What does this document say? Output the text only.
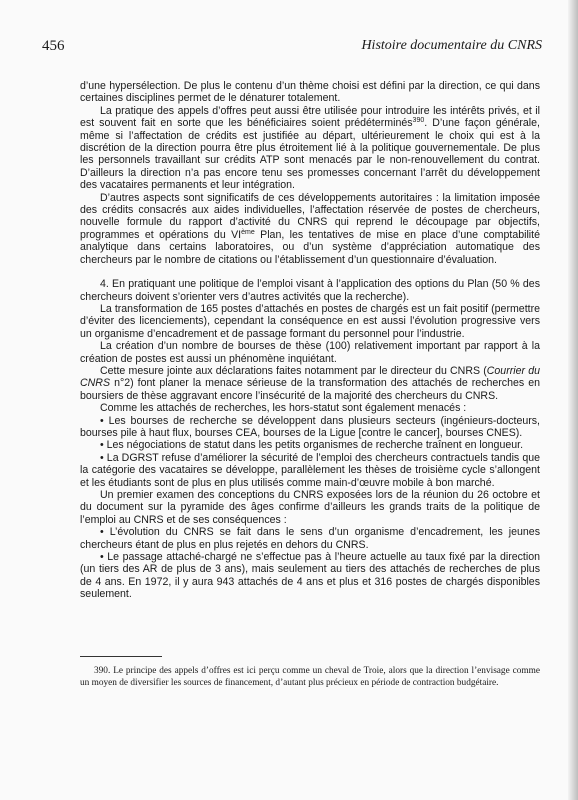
456	Histoire documentaire du CNRS

d’une hypersélection. De plus le contenu d’un thème choisi est défini par la direction, ce qui dans certaines disciplines permet de le dénaturer totalement.

La pratique des appels d’offres peut aussi être utilisée pour introduire les intérêts privés, et il est souvent fait en sorte que les bénéficiaires soient prédéterminés$^{390}$. D’une façon générale, même si l’affectation de crédits est justifiée au départ, ultérieurement le choix qui est à la discrétion de la direction pourra être plus étroitement lié à la politique gouvernementale. De plus les personnels travaillant sur crédits ATP sont menacés par le non-renouvellement du contrat. D’ailleurs la direction n’a pas encore tenu ses promesses concernant l’arrêt du développement des vacataires permanents et leur intégration.

D’autres aspects sont significatifs de ces développements autoritaires : la limitation imposée des crédits consacrés aux aides individuelles, l’affectation réservée de postes de chercheurs, nouvelle formule du rapport d’activité du CNRS qui reprend le découpage par objectifs, programmes et opérations du VIème Plan, les tentatives de mise en place d’une comptabilité analytique dans certains laboratoires, ou d’un système d’appréciation automatique des chercheurs par le nombre de citations ou l’établissement d’un questionnaire d’évaluation.

4. En pratiquant une politique de l’emploi visant à l’application des options du Plan (50 % des chercheurs doivent s’orienter vers d’autres activités que la recherche).

La transformation de 165 postes d’attachés en postes de chargés est un fait positif (permettre d’éviter des licenciements), cependant la conséquence en est aussi l’évolution progressive vers un organisme d’encadrement et de passage formant du personnel pour l’industrie.

La création d’un nombre de bourses de thèse (100) relativement important par rapport à la création de postes est aussi un phénomène inquiétant.

Cette mesure jointe aux déclarations faites notamment par le directeur du CNRS (Courrier du CNRS n°2) font planer la menace sérieuse de la transformation des attachés de recherches en boursiers de thèse aggravant encore l’insécurité de la majorité des chercheurs du CNRS.

Comme les attachés de recherches, les hors-statut sont également menacés :

• Les bourses de recherche se développent dans plusieurs secteurs (ingénieurs-docteurs, bourses pile à haut flux, bourses CEA, bourses de la Ligue [contre le cancer], bourses CNES).

• Les négociations de statut dans les petits organismes de recherche traînent en longueur.

• La DGRST refuse d’améliorer la sécurité de l’emploi des chercheurs contractuels tandis que la catégorie des vacataires se développe, parallèlement les thèses de troisième cycle s’allongent et les étudiants sont de plus en plus utilisés comme main-d’œuvre mobile à bon marché.

Un premier examen des conceptions du CNRS exposées lors de la réunion du 26 octobre et du document sur la pyramide des âges confirme d’ailleurs les grands traits de la politique de l’emploi au CNRS et de ses conséquences :

• L’évolution du CNRS se fait dans le sens d’un organisme d’encadrement, les jeunes chercheurs étant de plus en plus rejetés en dehors du CNRS.

• Le passage attaché-chargé ne s’effectue pas à l’heure actuelle au taux fixé par la direction (un tiers des AR de plus de 3 ans), mais seulement au tiers des attachés de recherches de plus de 4 ans. En 1972, il y aura 943 attachés de 4 ans et plus et 316 postes de chargés disponibles seulement.

390. Le principe des appels d’offres est ici perçu comme un cheval de Troie, alors que la direction l’envisage comme un moyen de diversifier les sources de financement, d’autant plus précieux en période de contraction budgétaire.
